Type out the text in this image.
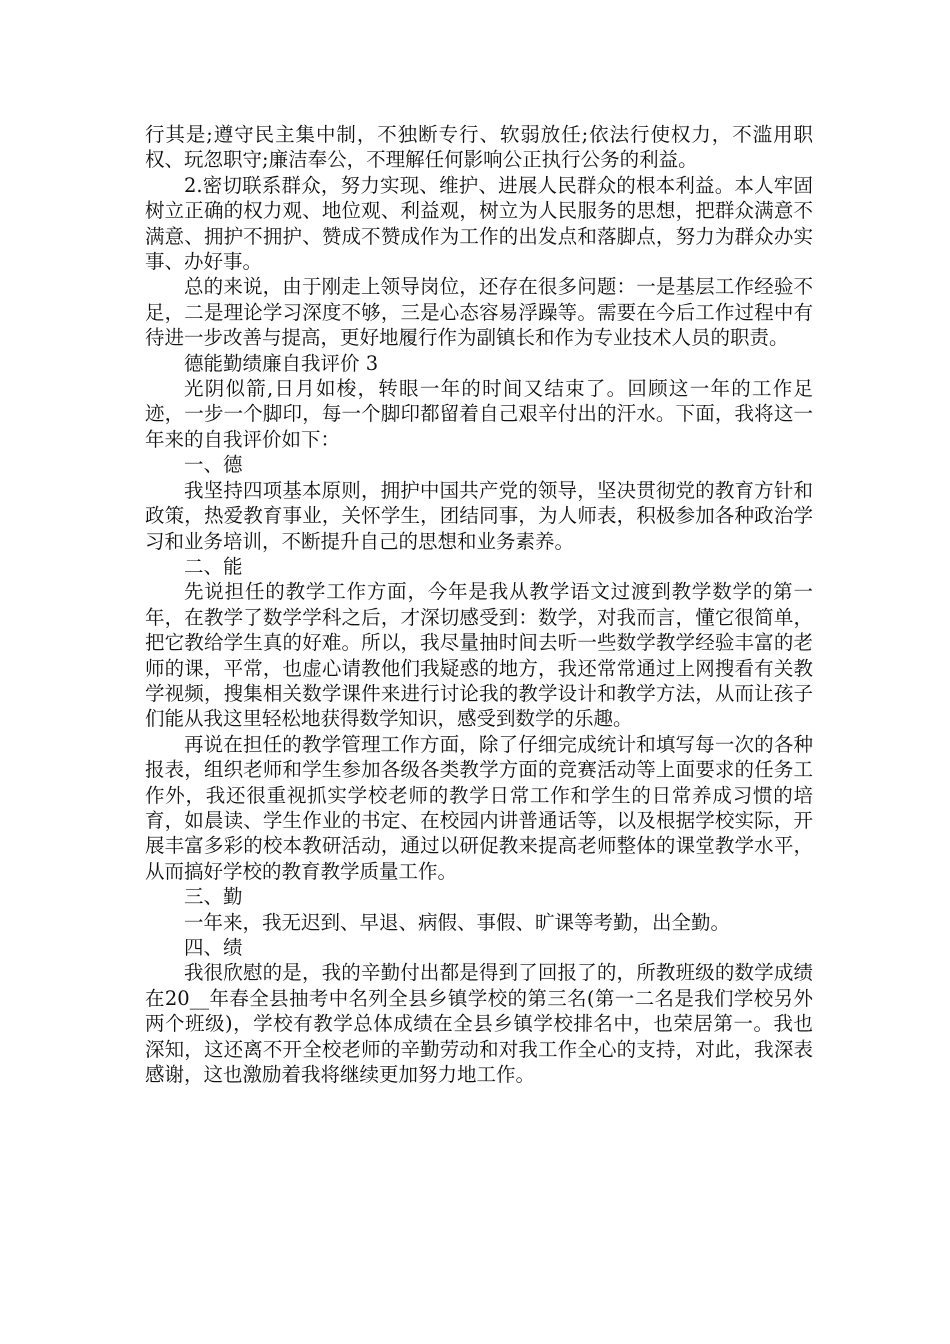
行其是;遵守民主集中制，不独断专行、软弱放任;依法行使权力，不滥用职权、玩忽职守;廉洁奉公，不理解任何影响公正执行公务的利益。

2.密切联系群众，努力实现、维护、进展人民群众的根本利益。本人牢固树立正确的权力观、地位观、利益观，树立为人民服务的思想，把群众满意不满意、拥护不拥护、赞成不赞成作为工作的出发点和落脚点，努力为群众办实事、办好事。

总的来说，由于刚走上领导岗位，还存在很多问题：一是基层工作经验不足，二是理论学习深度不够，三是心态容易浮躁等。需要在今后工作过程中有待进一步改善与提高，更好地履行作为副镇长和作为专业技术人员的职责。

德能勤绩廉自我评价 3

光阴似箭,日月如梭，转眼一年的时间又结束了。回顾这一年的工作足迹，一步一个脚印，每一个脚印都留着自己艰辛付出的汗水。下面，我将这一年来的自我评价如下：

一、德

我坚持四项基本原则，拥护中国共产党的领导，坚决贯彻党的教育方针和政策，热爱教育事业，关怀学生，团结同事，为人师表，积极参加各种政治学习和业务培训，不断提升自己的思想和业务素养。

二、能

先说担任的教学工作方面，今年是我从教学语文过渡到教学数学的第一年，在教学了数学学科之后，才深切感受到：数学，对我而言，懂它很简单，把它教给学生真的好难。所以，我尽量抽时间去听一些数学教学经验丰富的老师的课，平常，也虚心请教他们我疑惑的地方，我还常常通过上网搜看有关教学视频，搜集相关数学课件来进行讨论我的教学设计和教学方法，从而让孩子们能从我这里轻松地获得数学知识，感受到数学的乐趣。

再说在担任的教学管理工作方面，除了仔细完成统计和填写每一次的各种报表，组织老师和学生参加各级各类教学方面的竞赛活动等上面要求的任务工作外，我还很重视抓实学校老师的教学日常工作和学生的日常养成习惯的培育，如晨读、学生作业的书定、在校园内讲普通话等，以及根据学校实际，开展丰富多彩的校本教研活动，通过以研促教来提高老师整体的课堂教学水平，从而搞好学校的教育教学质量工作。

三、勤

一年来，我无迟到、早退、病假、事假、旷课等考勤，出全勤。

四、绩

我很欣慰的是，我的辛勤付出都是得到了回报了的，所教班级的数学成绩在20__年春全县抽考中名列全县乡镇学校的第三名(第一二名是我们学校另外两个班级)，学校有教学总体成绩在全县乡镇学校排名中，也荣居第一。我也深知，这还离不开全校老师的辛勤劳动和对我工作全心的支持，对此，我深表感谢，这也激励着我将继续更加努力地工作。
